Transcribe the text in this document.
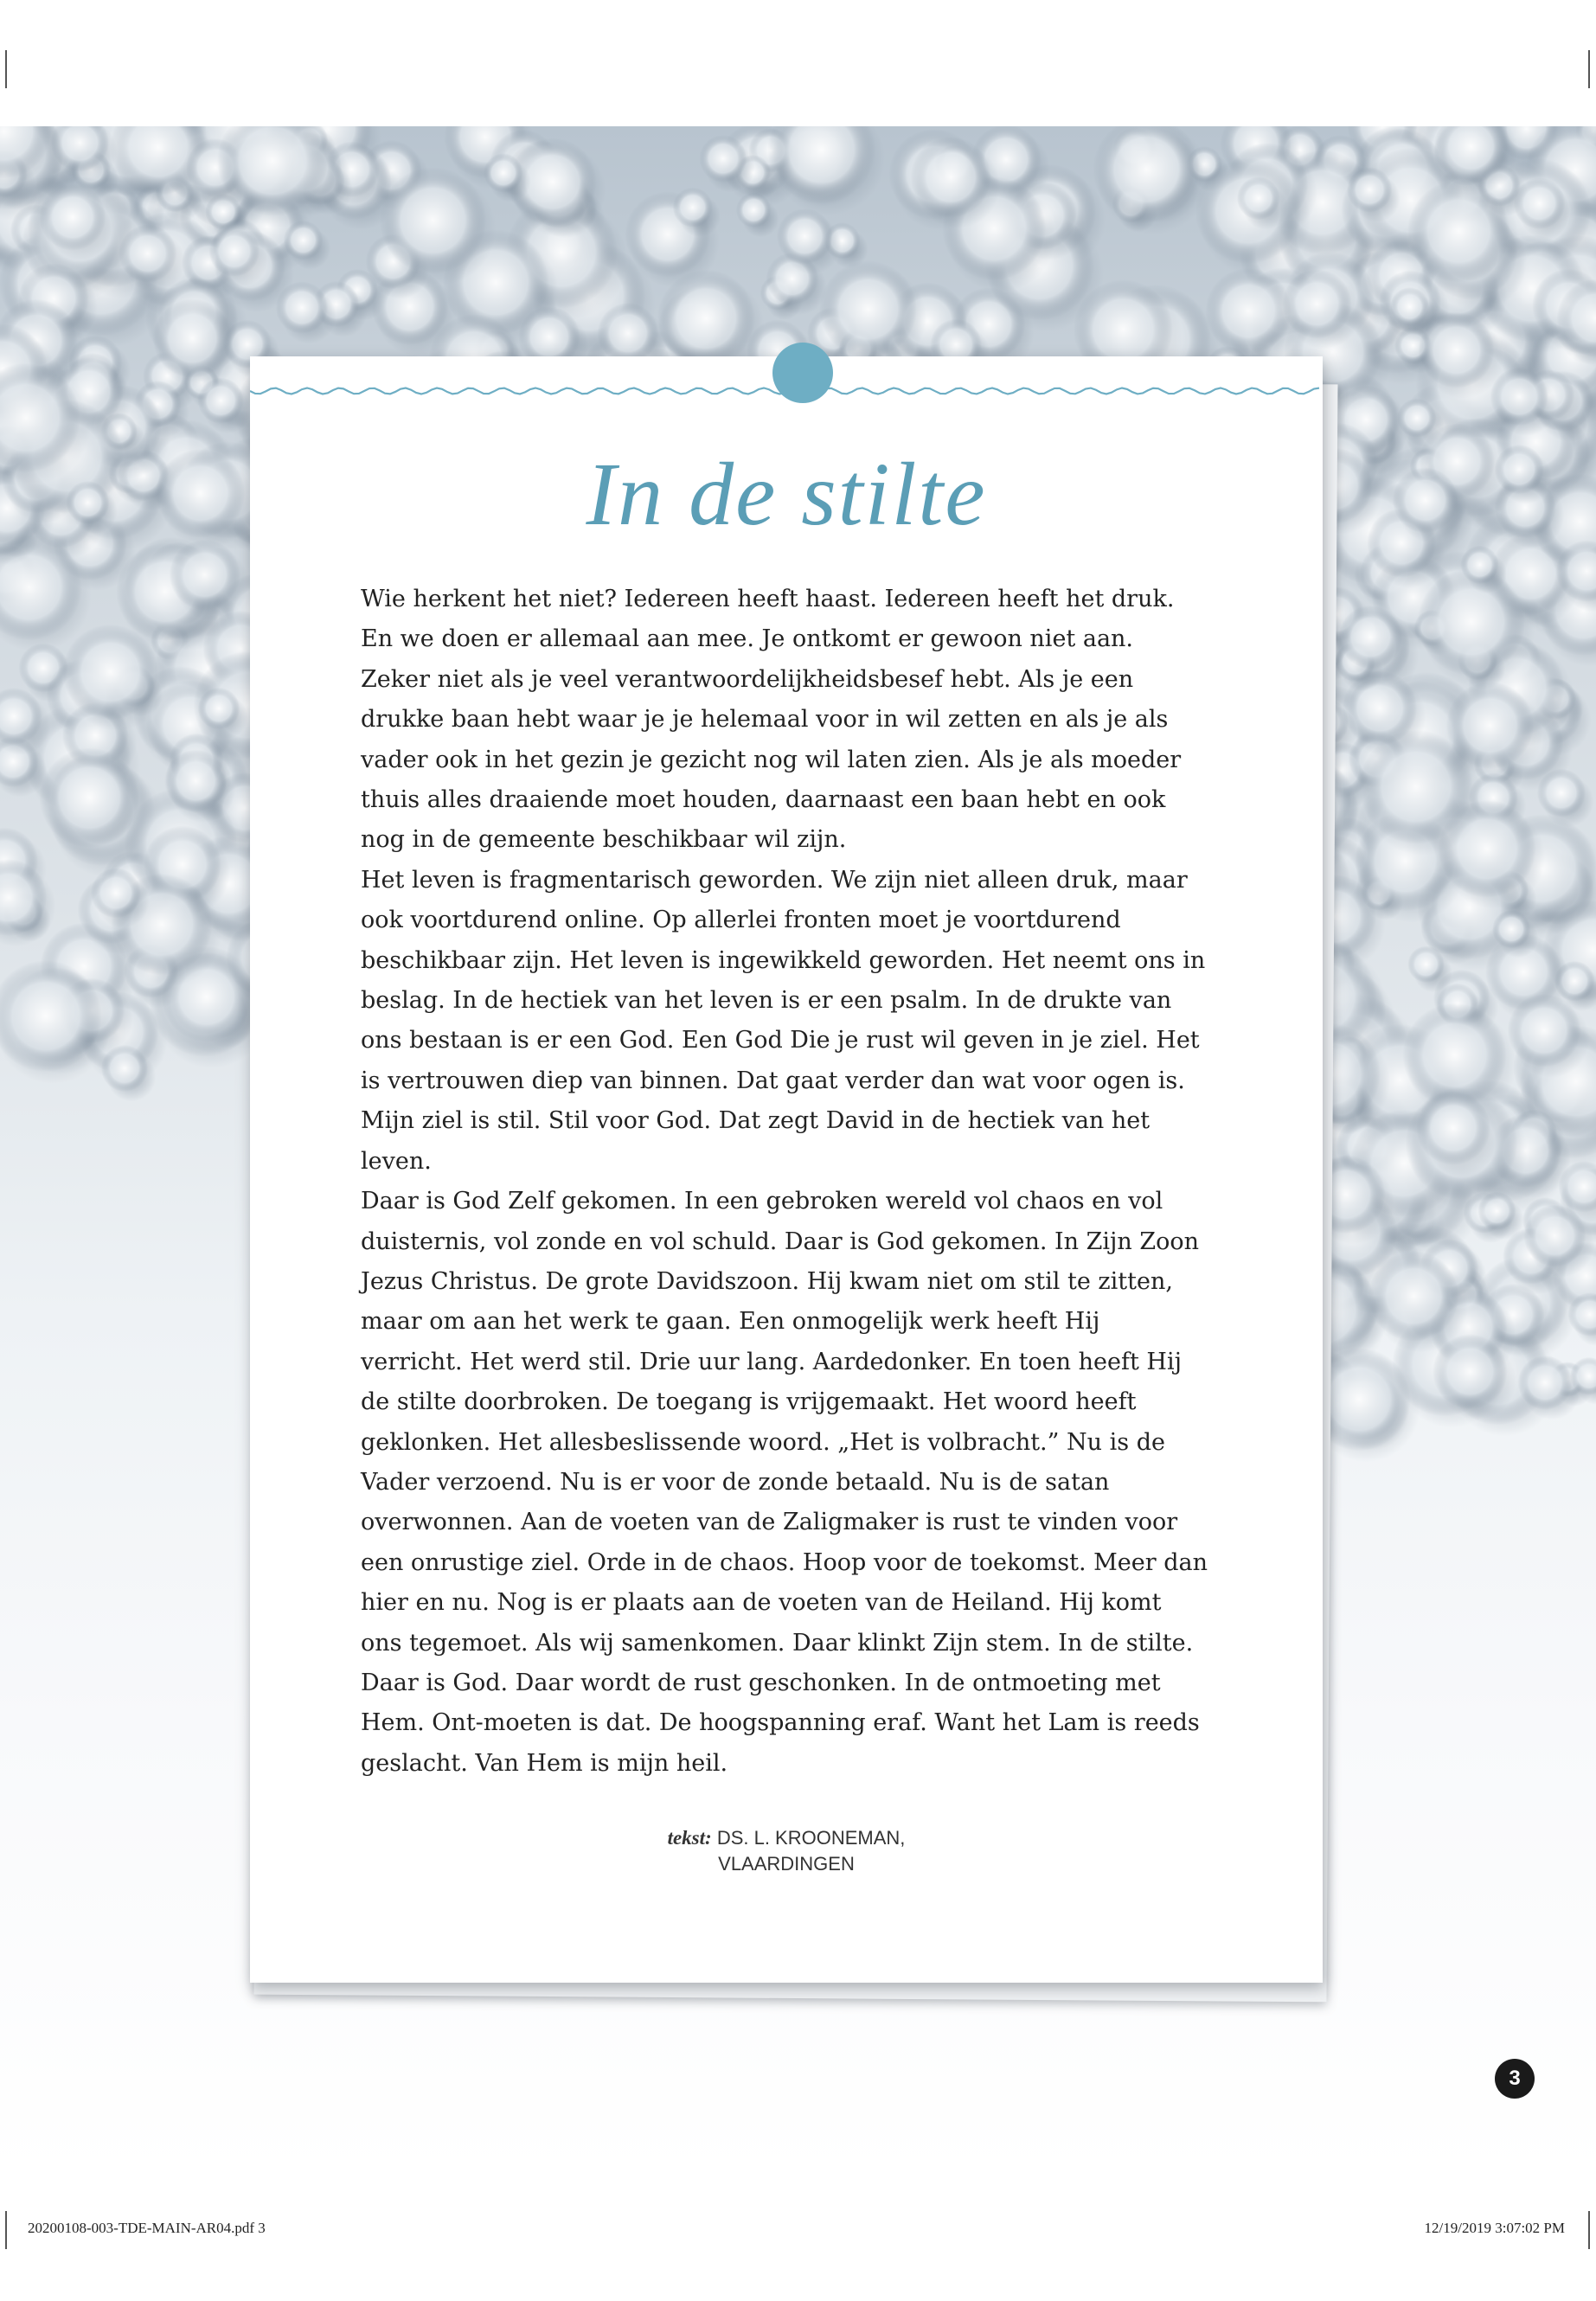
In de stilte

Wie herkent het niet? Iedereen heeft haast. Iedereen heeft het druk. En we doen er allemaal aan mee. Je ontkomt er gewoon niet aan. Zeker niet als je veel verantwoordelijkheidsbesef hebt. Als je een drukke baan hebt waar je je helemaal voor in wil zetten en als je als vader ook in het gezin je gezicht nog wil laten zien. Als je als moeder thuis alles draaiende moet houden, daarnaast een baan hebt en ook nog in de gemeente beschikbaar wil zijn.

Het leven is fragmentarisch geworden. We zijn niet alleen druk, maar ook voortdurend online. Op allerlei fronten moet je voortdurend beschikbaar zijn. Het leven is ingewikkeld geworden. Het neemt ons in beslag. In de hectiek van het leven is er een psalm. In de drukte van ons bestaan is er een God. Een God Die je rust wil geven in je ziel. Het is vertrouwen diep van binnen. Dat gaat verder dan wat voor ogen is. Mijn ziel is stil. Stil voor God. Dat zegt David in de hectiek van het leven.

Daar is God Zelf gekomen. In een gebroken wereld vol chaos en vol duisternis, vol zonde en vol schuld. Daar is God gekomen. In Zijn Zoon Jezus Christus. De grote Davidszoon. Hij kwam niet om stil te zitten, maar om aan het werk te gaan. Een onmogelijk werk heeft Hij verricht. Het werd stil. Drie uur lang. Aardedonker. En toen heeft Hij de stilte doorbroken. De toegang is vrijgemaakt. Het woord heeft geklonken. Het allesbeslissende woord. „Het is volbracht.” Nu is de Vader verzoend. Nu is er voor de zonde betaald. Nu is de satan overwonnen. Aan de voeten van de Zaligmaker is rust te vinden voor een onrustige ziel. Orde in de chaos. Hoop voor de toekomst. Meer dan hier en nu. Nog is er plaats aan de voeten van de Heiland. Hij komt ons tegemoet. Als wij samenkomen. Daar klinkt Zijn stem. In de stilte. Daar is God. Daar wordt de rust geschonken. In de ontmoeting met Hem. Ont-moeten is dat. De hoogspanning eraf. Want het Lam is reeds geslacht. Van Hem is mijn heil.

tekst: DS. L. KROONEMAN,
VLAARDINGEN
3
20200108-003-TDE-MAIN-AR04.pdf 3	12/19/2019 3:07:02 PM
